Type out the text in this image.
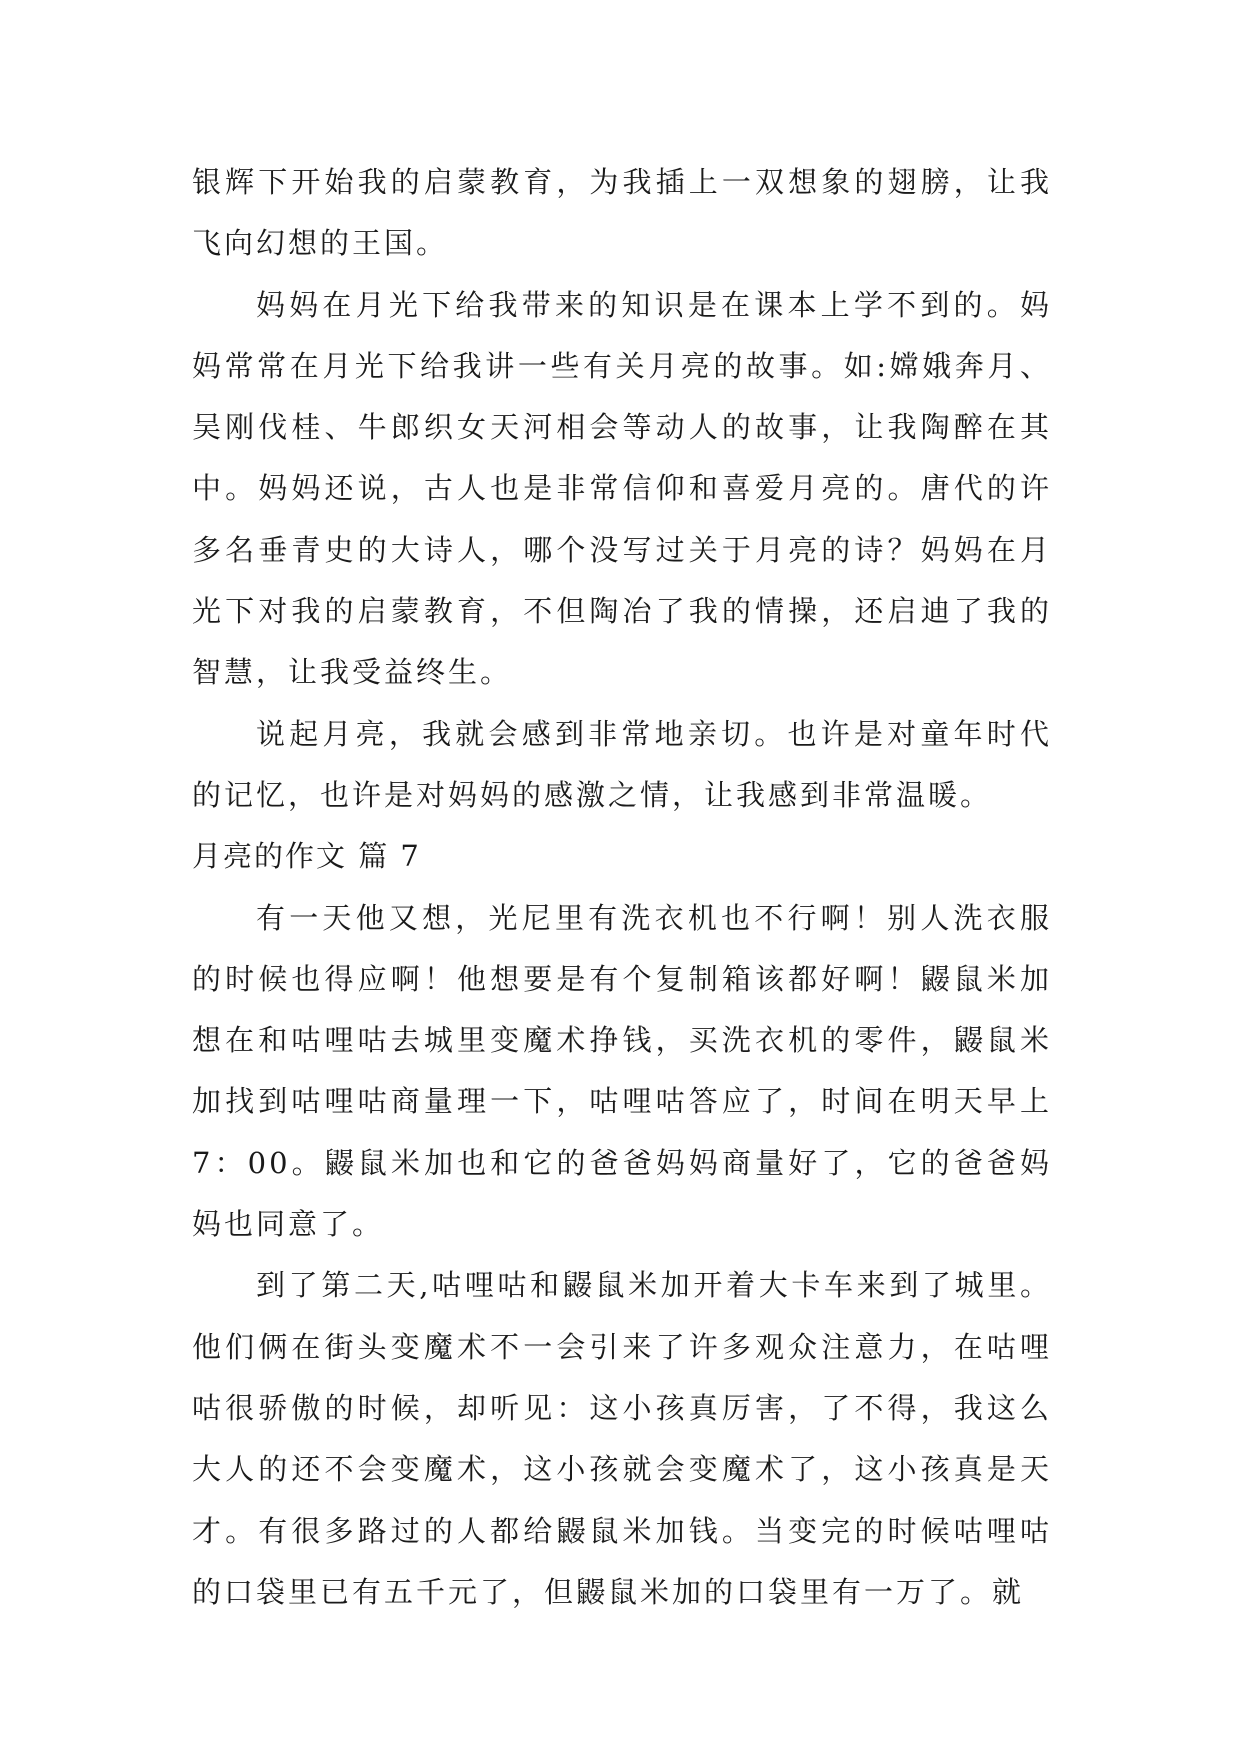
银辉下开始我的启蒙教育，为我插上一双想象的翅膀，让我飞向幻想的王国。

妈妈在月光下给我带来的知识是在课本上学不到的。妈妈常常在月光下给我讲一些有关月亮的故事。如:嫦娥奔月、吴刚伐桂、牛郎织女天河相会等动人的故事，让我陶醉在其中。妈妈还说，古人也是非常信仰和喜爱月亮的。唐代的许多名垂青史的大诗人，哪个没写过关于月亮的诗？妈妈在月光下对我的启蒙教育，不但陶冶了我的情操，还启迪了我的智慧，让我受益终生。

说起月亮，我就会感到非常地亲切。也许是对童年时代的记忆，也许是对妈妈的感激之情，让我感到非常温暖。

月亮的作文 篇 7

有一天他又想，光尼里有洗衣机也不行啊！别人洗衣服的时候也得应啊！他想要是有个复制箱该都好啊！鼹鼠米加想在和咕哩咕去城里变魔术挣钱，买洗衣机的零件，鼹鼠米加找到咕哩咕商量理一下，咕哩咕答应了，时间在明天早上 7：00。鼹鼠米加也和它的爸爸妈妈商量好了，它的爸爸妈妈也同意了。

到了第二天,咕哩咕和鼹鼠米加开着大卡车来到了城里。他们俩在街头变魔术不一会引来了许多观众注意力，在咕哩咕很骄傲的时候，却听见：这小孩真厉害，了不得，我这么大人的还不会变魔术，这小孩就会变魔术了，这小孩真是天才。有很多路过的人都给鼹鼠米加钱。当变完的时候咕哩咕的口袋里已有五千元了，但鼹鼠米加的口袋里有一万了。就
